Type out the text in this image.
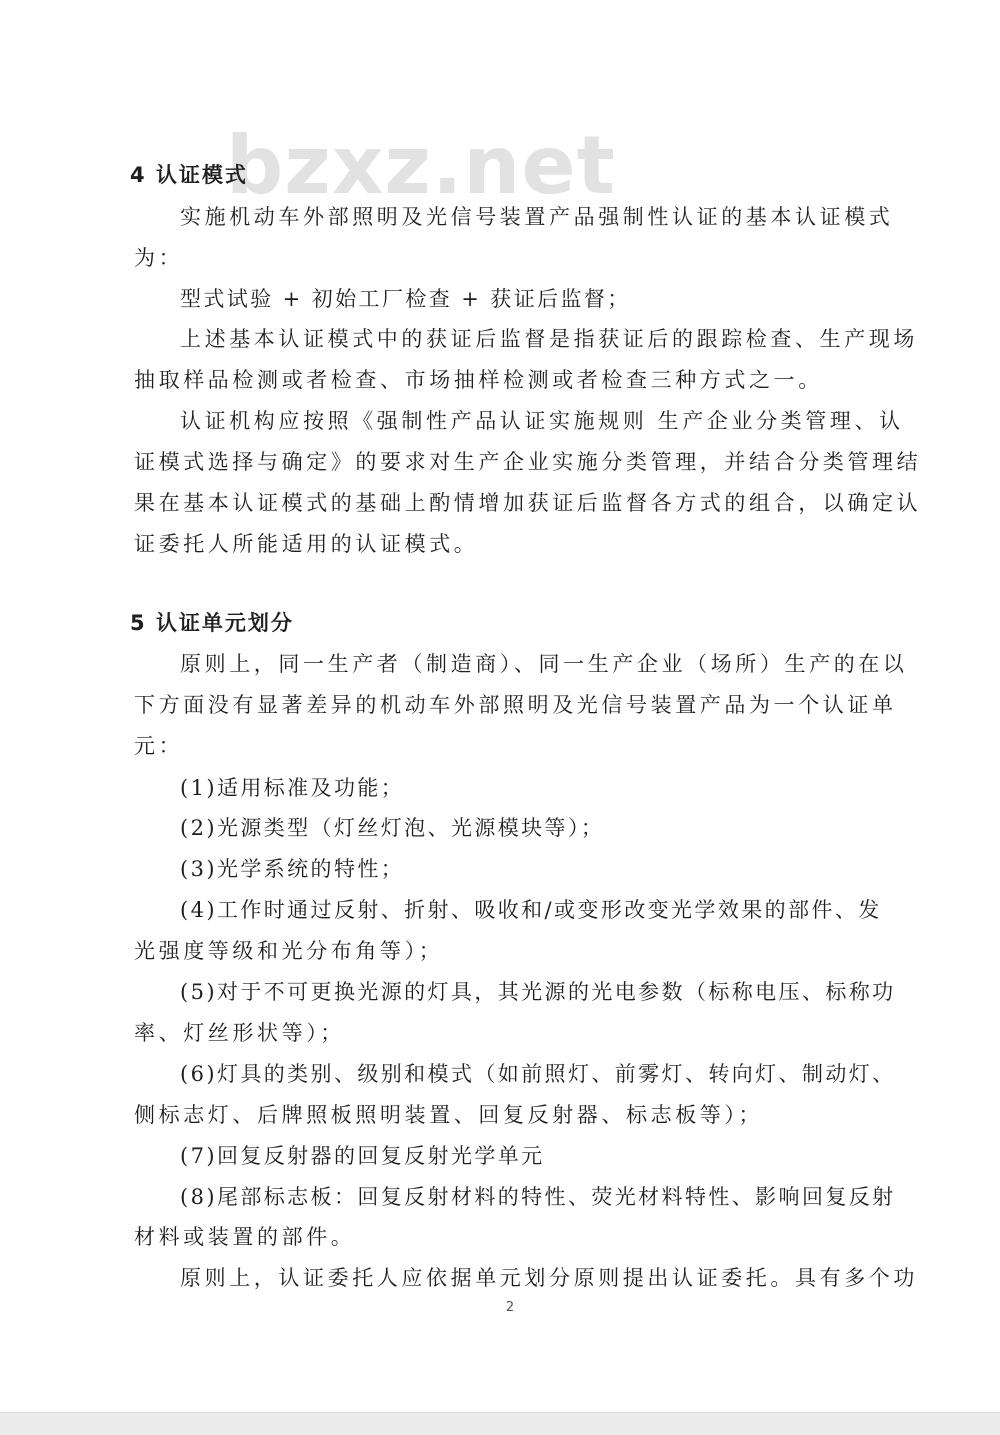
bzxz.net
4 认证模式
实施机动车外部照明及光信号装置产品强制性认证的基本认证模式
为：
型式试验 + 初始工厂检查 + 获证后监督；
上述基本认证模式中的获证后监督是指获证后的跟踪检查、生产现场
抽取样品检测或者检查、市场抽样检测或者检查三种方式之一。
认证机构应按照《强制性产品认证实施规则 生产企业分类管理、认
证模式选择与确定》的要求对生产企业实施分类管理，并结合分类管理结
果在基本认证模式的基础上酌情增加获证后监督各方式的组合，以确定认
证委托人所能适用的认证模式。
5 认证单元划分
原则上，同一生产者（制造商）、同一生产企业（场所）生产的在以
下方面没有显著差异的机动车外部照明及光信号装置产品为一个认证单
元：
(1)适用标准及功能；
(2)光源类型（灯丝灯泡、光源模块等）；
(3)光学系统的特性；
(4)工作时通过反射、折射、吸收和/或变形改变光学效果的部件、发
光强度等级和光分布角等）；
(5)对于不可更换光源的灯具，其光源的光电参数（标称电压、标称功
率、灯丝形状等）；
(6)灯具的类别、级别和模式（如前照灯、前雾灯、转向灯、制动灯、
侧标志灯、后牌照板照明装置、回复反射器、标志板等）；
(7)回复反射器的回复反射光学单元
(8)尾部标志板：回复反射材料的特性、荧光材料特性、影响回复反射
材料或装置的部件。
原则上，认证委托人应依据单元划分原则提出认证委托。具有多个功
2
